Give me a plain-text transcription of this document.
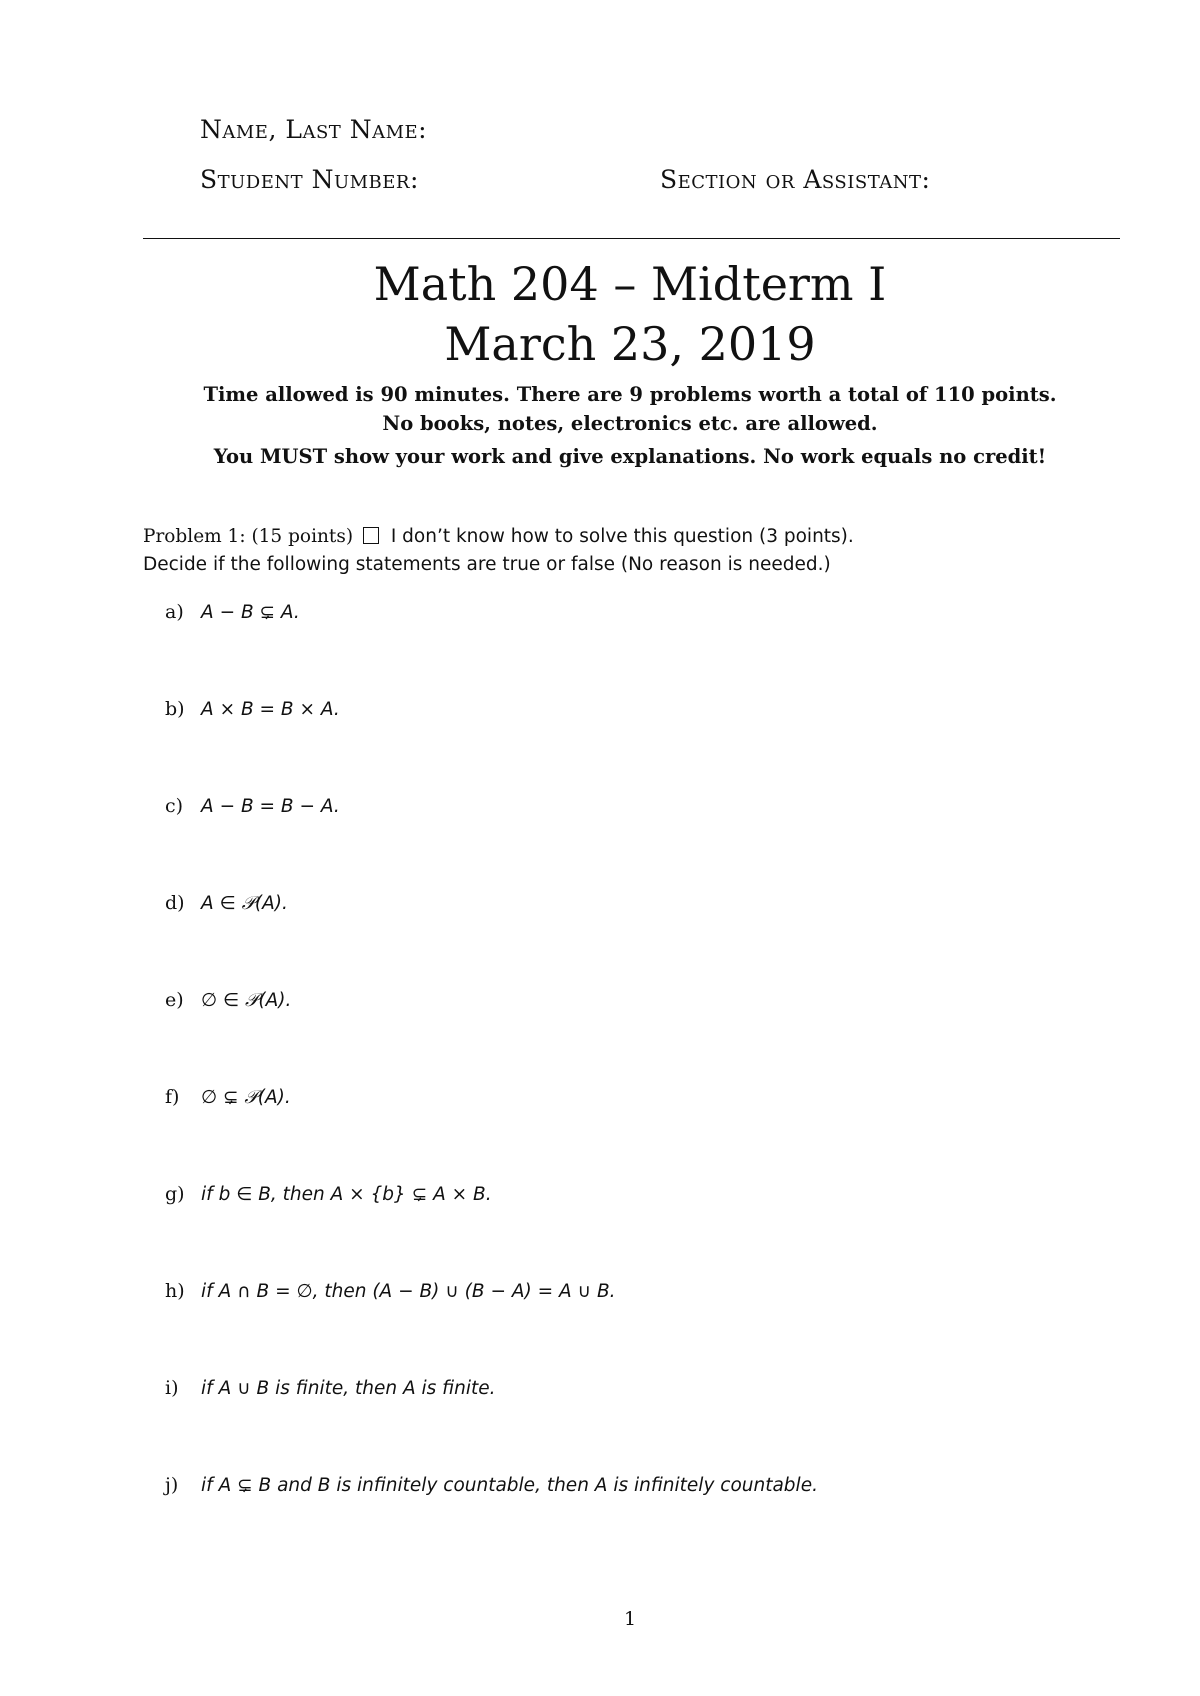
Name, Last Name:
Student Number:	Section or Assistant:
Math 204 – Midterm I
March 23, 2019
Time allowed is 90 minutes. There are 9 problems worth a total of 110 points.
No books, notes, electronics etc. are allowed.
You MUST show your work and give explanations. No work equals no credit!
Problem 1: (15 points) I don’t know how to solve this question (3 points).
Decide if the following statements are true or false (No reason is needed.)
a) A − B ⊊ A.
b) A × B = B × A.
c) A − B = B − A.
d) A ∈ 𝒫(A).
e) ∅ ∈ 𝒫(A).
f) ∅ ⊊ 𝒫(A).
g) if b ∈ B, then A × {b} ⊊ A × B.
h) if A ∩ B = ∅, then (A − B) ∪ (B − A) = A ∪ B.
i) if A ∪ B is finite, then A is finite.
j) if A ⊊ B and B is infinitely countable, then A is infinitely countable.
1
